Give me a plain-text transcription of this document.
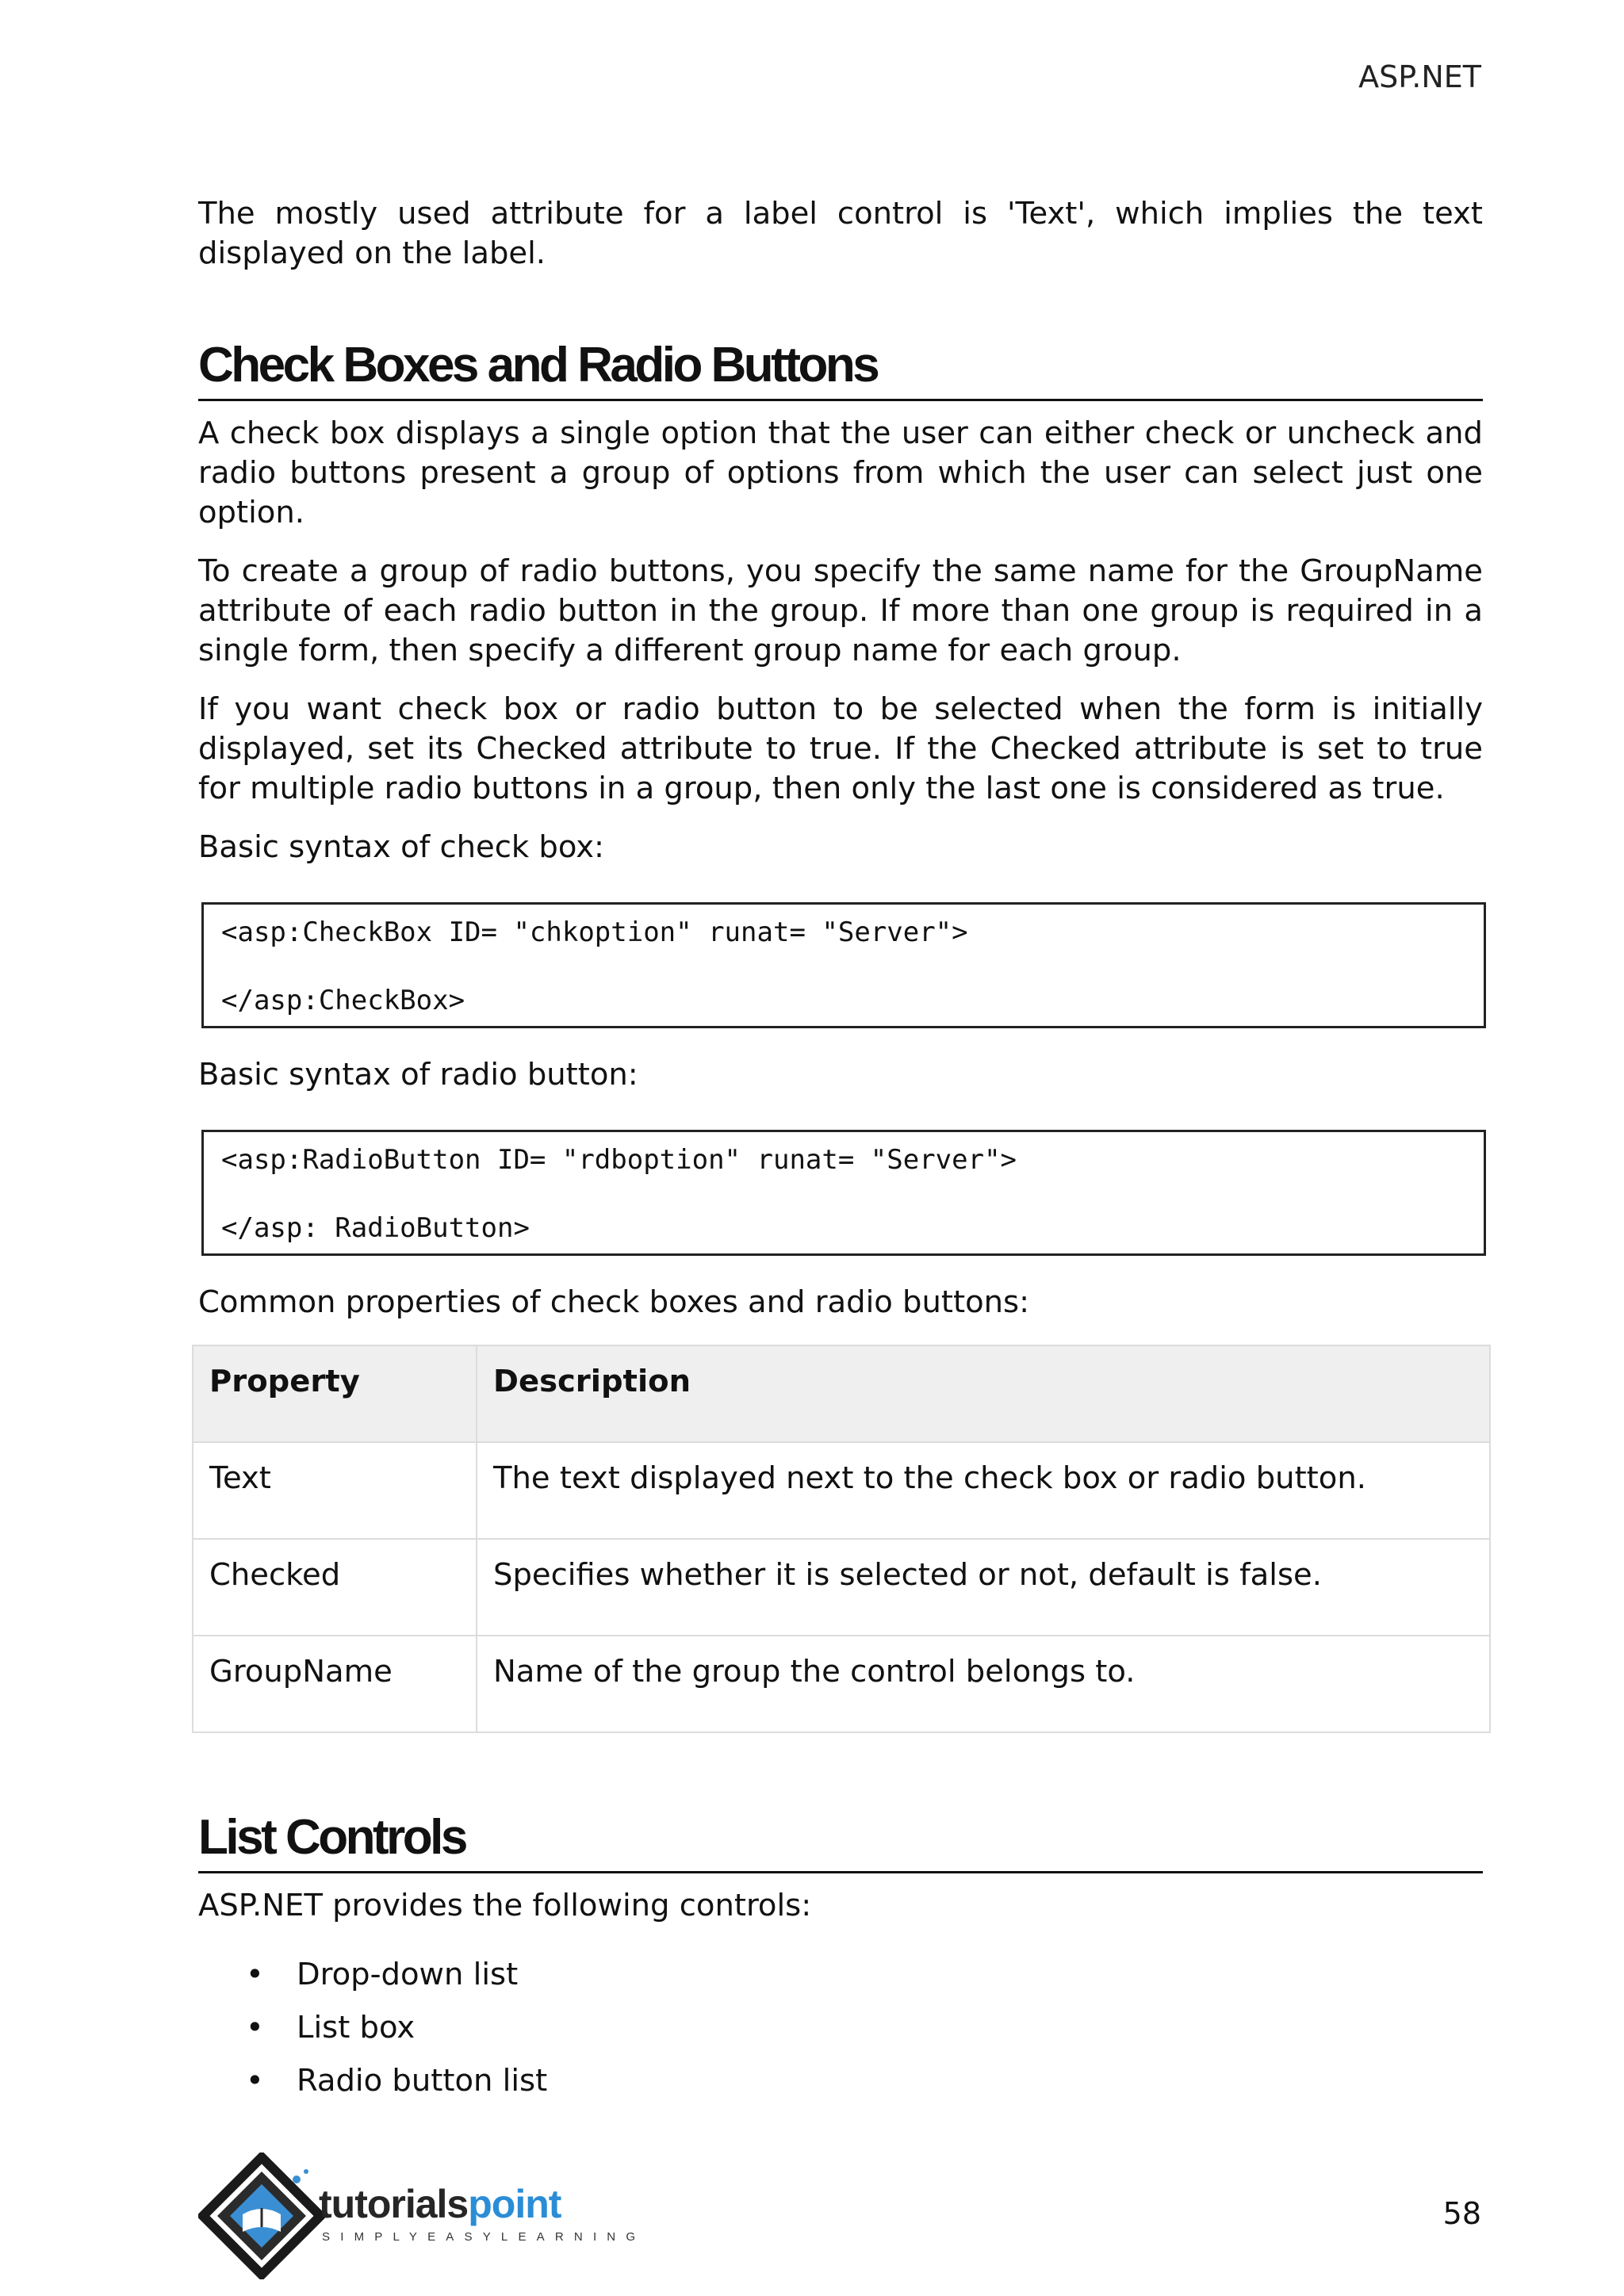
ASP.NET

The mostly used attribute for a label control is 'Text', which implies the text displayed on the label.

Check Boxes and Radio Buttons

A check box displays a single option that the user can either check or uncheck and radio buttons present a group of options from which the user can select just one option.

To create a group of radio buttons, you specify the same name for the GroupName attribute of each radio button in the group. If more than one group is required in a single form, then specify a different group name for each group.

If you want check box or radio button to be selected when the form is initially displayed, set its Checked attribute to true. If the Checked attribute is set to true for multiple radio buttons in a group, then only the last one is considered as true.

Basic syntax of check box:

<asp:CheckBox ID= "chkoption" runat= "Server">
</asp:CheckBox>

Basic syntax of radio button:

<asp:RadioButton ID= "rdboption" runat= "Server">
</asp: RadioButton>

Common properties of check boxes and radio buttons:

Property	Description
Text	The text displayed next to the check box or radio button.
Checked	Specifies whether it is selected or not, default is false.
GroupName	Name of the group the control belongs to.
List Controls

ASP.NET provides the following controls:

• Drop-down list
• List box
• Radio button list
tutorialspoint
SIMPLYEASYLEARNING
58
